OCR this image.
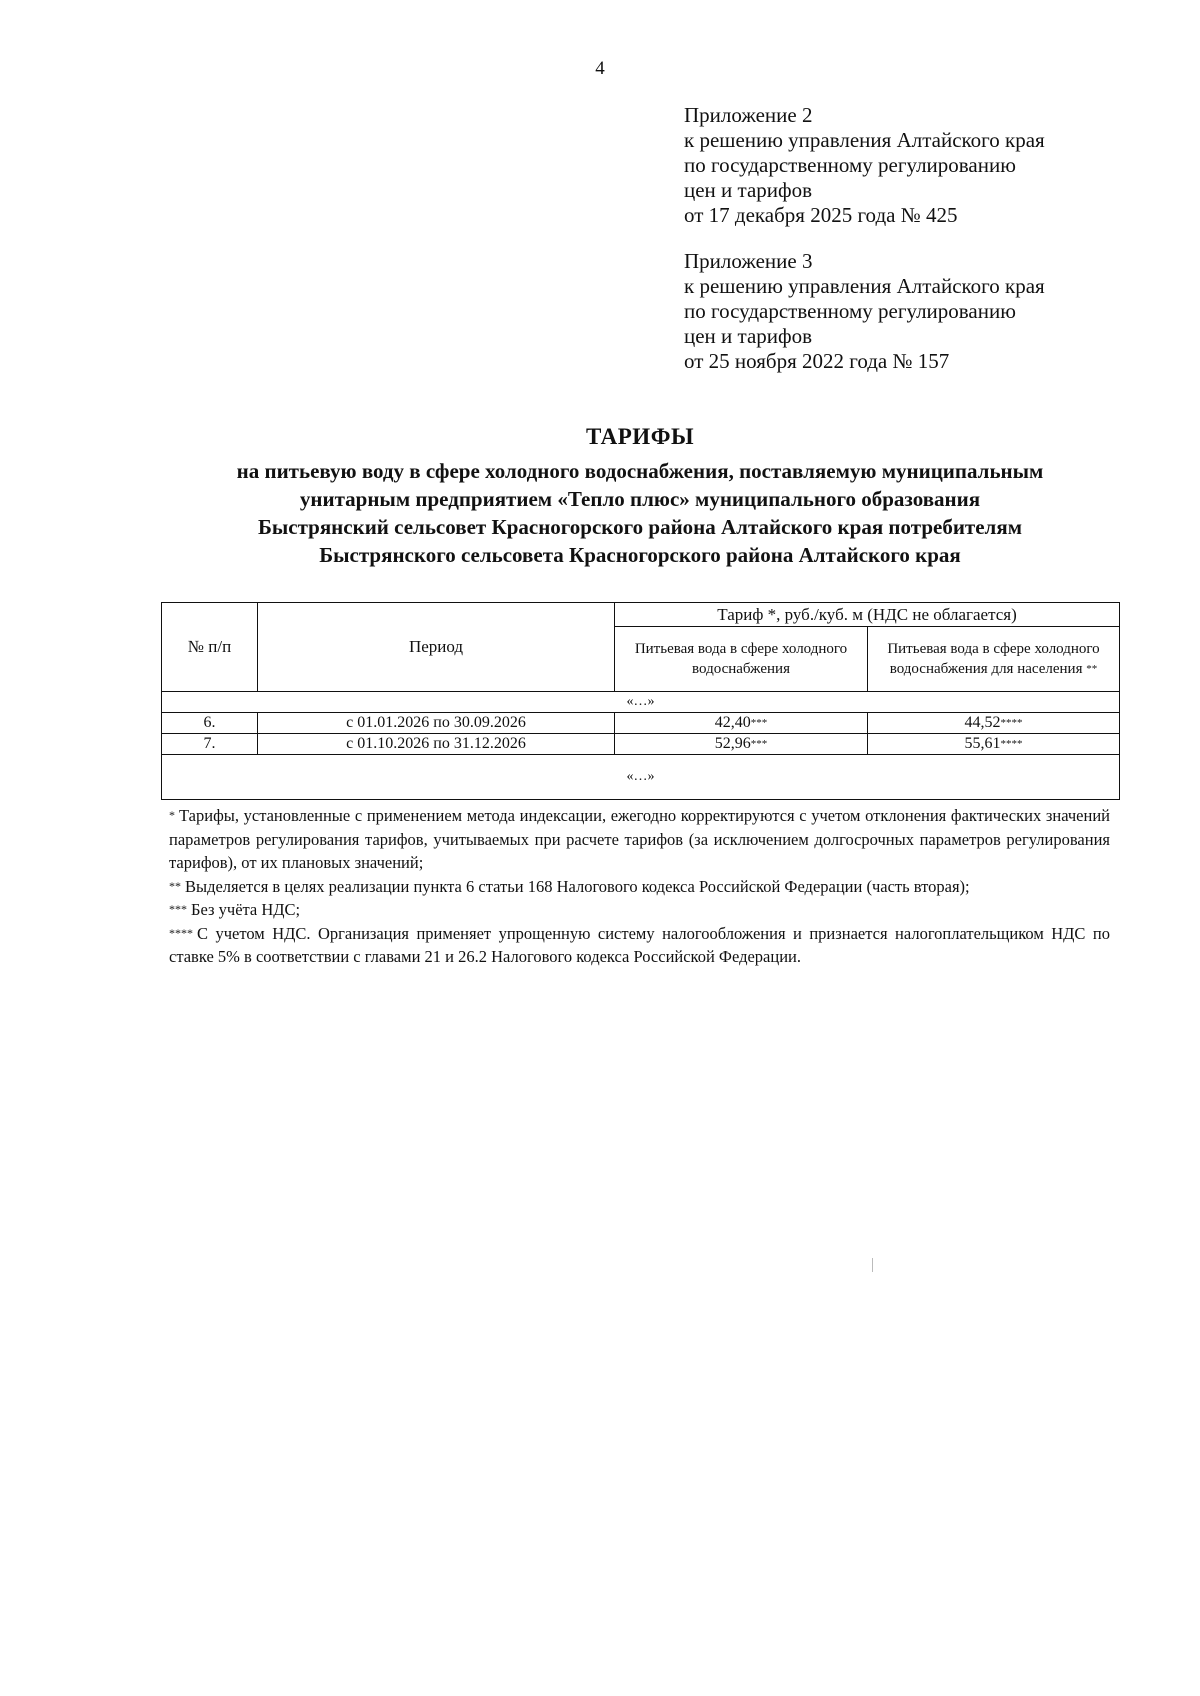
4
Приложение 2
к решению управления Алтайского края
по государственному регулированию
цен и тарифов
от 17 декабря 2025 года № 425
Приложение 3
к решению управления Алтайского края
по государственному регулированию
цен и тарифов
от 25 ноября 2022 года № 157
ТАРИФЫ
на питьевую воду в сфере холодного водоснабжения, поставляемую муниципальным
унитарным предприятием «Тепло плюс» муниципального образования
Быстрянский сельсовет Красногорского района Алтайского края потребителям
Быстрянского сельсовета Красногорского района Алтайского края
№ п/п	Период	Тариф *, руб./куб. м (НДС не облагается)	
		Питьевая вода в сфере холодного водоснабжения	Питьевая вода в сфере холодного водоснабжения для населения **
«…»			
6.	с 01.01.2026 по 30.09.2026	42,40***	44,52****
7.	с 01.10.2026 по 31.12.2026	52,96***	55,61****
«…»			

* Тарифы, установленные с применением метода индексации, ежегодно корректируются с учетом отклонения фактических значений параметров регулирования тарифов, учитываемых при расчете тарифов (за исключением долгосрочных параметров регулирования тарифов), от их плановых значений;

** Выделяется в целях реализации пункта 6 статьи 168 Налогового кодекса Российской Федерации (часть вторая);

*** Без учёта НДС;

**** С учетом НДС. Организация применяет упрощенную систему налогообложения и признается налогоплательщиком НДС по ставке 5% в соответствии с главами 21 и 26.2 Налогового кодекса Российской Федерации.
